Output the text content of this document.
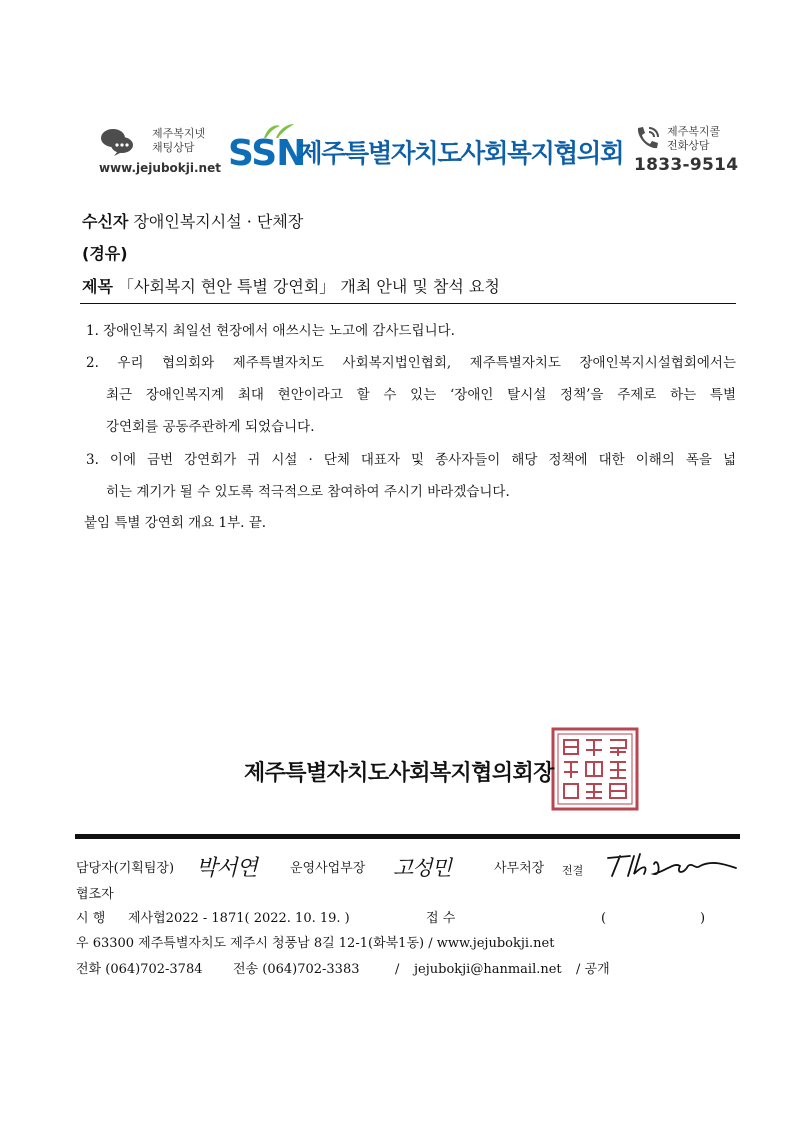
제주복지넷
채팅상담
www.jejubokji.net SSN
제주특별자치도사회복지협의회
제주복지콜
전화상담
1833-9514
수신자 장애인복지시설 · 단체장
(경유)
제목 「사회복지 현안 특별 강연회」 개최 안내 및 참석 요청
1. 장애인복지 최일선 현장에서 애쓰시는 노고에 감사드립니다.
2. 우리 협의회와 제주특별자치도 사회복지법인협회, 제주특별자치도 장애인복지시설협회에서는
최근 장애인복지계 최대 현안이라고 할 수 있는 ‘장애인 탈시설 정책’을 주제로 하는 특별
강연회를 공동주관하게 되었습니다.
3. 이에 금번 강연회가 귀 시설 · 단체 대표자 및 종사자들이 해당 정책에 대한 이해의 폭을 넓
히는 계기가 될 수 있도록 적극적으로 참여하여 주시기 바라겠습니다.
붙임 특별 강연회 개요 1부. 끝.
제주특별자치도사회복지협의회장
담당자(기획팀장) 박서연	운영사업부장 고성민	사무처장 전결
협조자
시 행 제사협2022 - 1871( 2022. 10. 19. )	접 수	(	)
우 63300 제주특별자치도 제주시 청풍남 8길 12-1(화북1동) / www.jejubokji.net
전화 (064)702-3784 전송 (064)702-3383	/ jejubokji@hanmail.net / 공개
